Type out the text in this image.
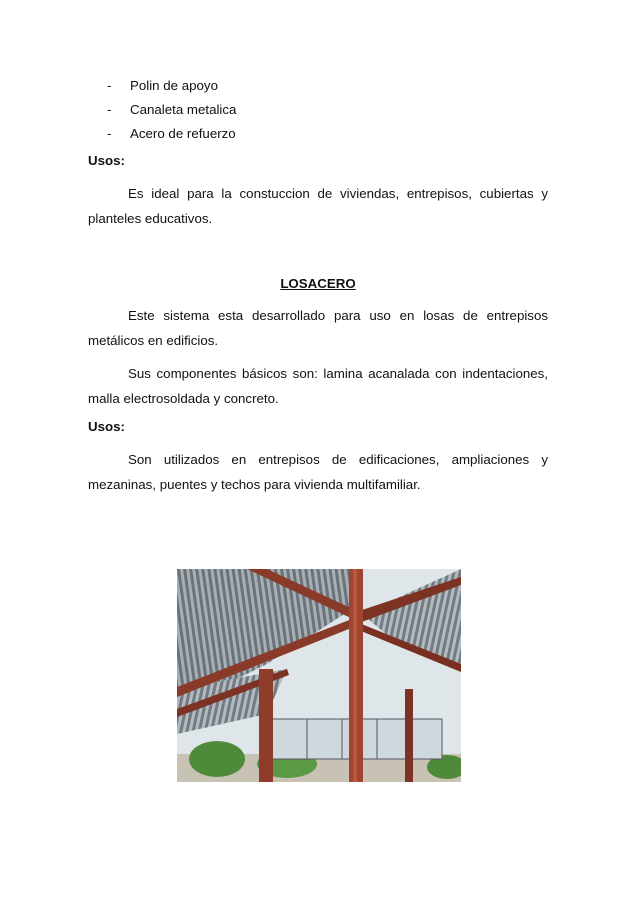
-	Polin de apoyo
-	Canaleta metalica
-	Acero de refuerzo
Usos:

Es ideal para la constuccion de viviendas, entrepisos, cubiertas y planteles educativos.

LOSACERO

Este sistema esta desarrollado para uso en losas de entrepisos metálicos en edificios.

Sus componentes básicos son: lamina acanalada con indentaciones, malla electrosoldada y concreto.

Usos:

Son utilizados en entrepisos de edificaciones, ampliaciones y mezaninas, puentes y techos para vivienda multifamiliar.
